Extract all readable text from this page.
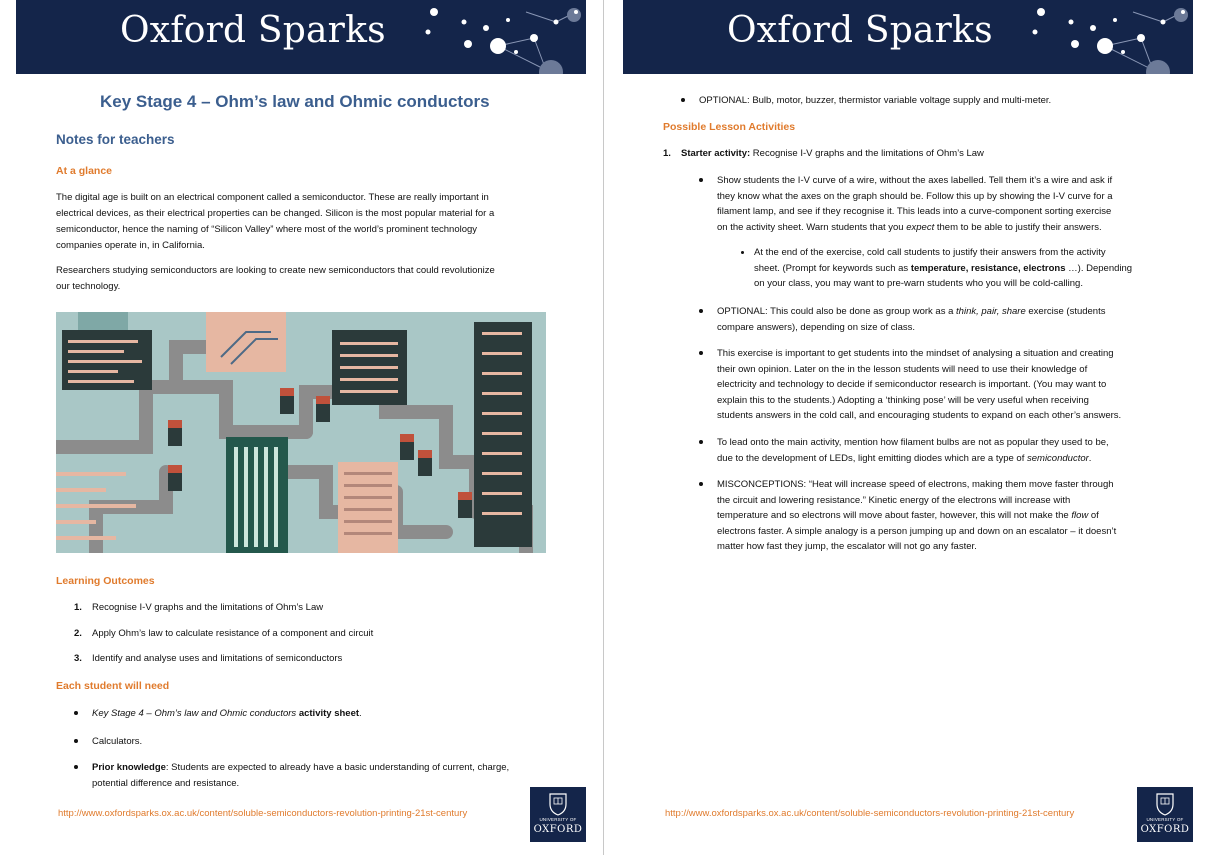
Oxford Sparks
Key Stage 4 – Ohm’s law and Ohmic conductors
Notes for teachers
At a glance
The digital age is built on an electrical component called a semiconductor. These are really important in
electrical devices, as their electrical properties can be changed. Silicon is the most popular material for a
semiconductor, hence the naming of “Silicon Valley” where most of the world’s prominent technology
companies operate in, in California.
Researchers studying semiconductors are looking to create new semiconductors that could revolutionize
our technology.
Learning Outcomes
1. Recognise I-V graphs and the limitations of Ohm’s Law
2. Apply Ohm’s law to calculate resistance of a component and circuit
3. Identify and analyse uses and limitations of semiconductors
Each student will need
Key Stage 4 – Ohm’s law and Ohmic conductors activity sheet.
Calculators.
Prior knowledge: Students are expected to already have a basic understanding of current, charge,
potential difference and resistance.
http://www.oxfordsparks.ox.ac.uk/content/soluble-semiconductors-revolution-printing-21st-century
UNIVERSITY OF
OXFORD
Oxford Sparks
OPTIONAL: Bulb, motor, buzzer, thermistor variable voltage supply and multi-meter.
Possible Lesson Activities
1. Starter activity: Recognise I-V graphs and the limitations of Ohm’s Law
Show students the I-V curve of a wire, without the axes labelled. Tell them it’s a wire and ask if
they know what the axes on the graph should be. Follow this up by showing the I-V curve for a
filament lamp, and see if they recognise it. This leads into a curve-component sorting exercise
on the activity sheet. Warn students that you expect them to be able to justify their answers.
At the end of the exercise, cold call students to justify their answers from the activity
sheet. (Prompt for keywords such as temperature, resistance, electrons …). Depending
on your class, you may want to pre-warn students who you will be cold-calling.
OPTIONAL: This could also be done as group work as a think, pair, share exercise (students
compare answers), depending on size of class.
This exercise is important to get students into the mindset of analysing a situation and creating
their own opinion. Later on the in the lesson students will need to use their knowledge of
electricity and technology to decide if semiconductor research is important. (You may want to
explain this to the students.) Adopting a ‘thinking pose’ will be very useful when receiving
students answers in the cold call, and encouraging students to expand on each other’s answers.
To lead onto the main activity, mention how filament bulbs are not as popular they used to be,
due to the development of LEDs, light emitting diodes which are a type of semiconductor.
MISCONCEPTIONS: “Heat will increase speed of electrons, making them move faster through
the circuit and lowering resistance.” Kinetic energy of the electrons will increase with
temperature and so electrons will move about faster, however, this will not make the flow of
electrons faster. A simple analogy is a person jumping up and down on an escalator – it doesn’t
matter how fast they jump, the escalator will not go any faster.
http://www.oxfordsparks.ox.ac.uk/content/soluble-semiconductors-revolution-printing-21st-century
UNIVERSITY OF
OXFORD
